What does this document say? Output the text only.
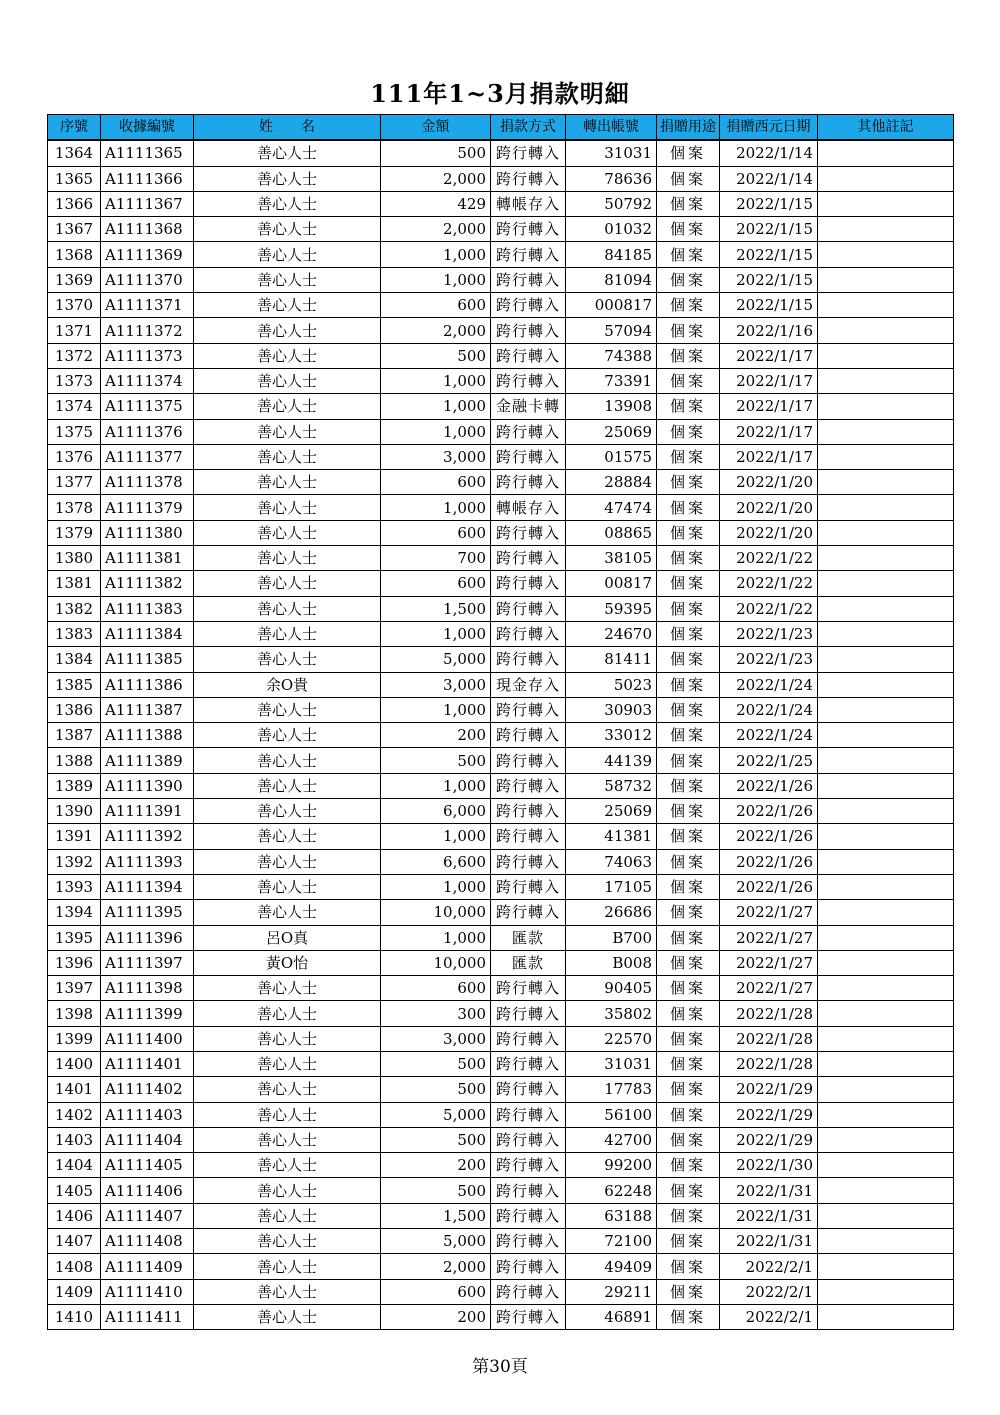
111年1~3月捐款明細
序號	收據編號	姓　　名	金額	捐款方式	轉出帳號	捐贈用途	捐贈西元日期	其他註記
1364	A1111365	善心人士	500	跨行轉入	31031	個案	2022/1/14	
1365	A1111366	善心人士	2,000	跨行轉入	78636	個案	2022/1/14	
1366	A1111367	善心人士	429	轉帳存入	50792	個案	2022/1/15	
1367	A1111368	善心人士	2,000	跨行轉入	01032	個案	2022/1/15	
1368	A1111369	善心人士	1,000	跨行轉入	84185	個案	2022/1/15	
1369	A1111370	善心人士	1,000	跨行轉入	81094	個案	2022/1/15	
1370	A1111371	善心人士	600	跨行轉入	000817	個案	2022/1/15	
1371	A1111372	善心人士	2,000	跨行轉入	57094	個案	2022/1/16	
1372	A1111373	善心人士	500	跨行轉入	74388	個案	2022/1/17	
1373	A1111374	善心人士	1,000	跨行轉入	73391	個案	2022/1/17	
1374	A1111375	善心人士	1,000	金融卡轉	13908	個案	2022/1/17	
1375	A1111376	善心人士	1,000	跨行轉入	25069	個案	2022/1/17	
1376	A1111377	善心人士	3,000	跨行轉入	01575	個案	2022/1/17	
1377	A1111378	善心人士	600	跨行轉入	28884	個案	2022/1/20	
1378	A1111379	善心人士	1,000	轉帳存入	47474	個案	2022/1/20	
1379	A1111380	善心人士	600	跨行轉入	08865	個案	2022/1/20	
1380	A1111381	善心人士	700	跨行轉入	38105	個案	2022/1/22	
1381	A1111382	善心人士	600	跨行轉入	00817	個案	2022/1/22	
1382	A1111383	善心人士	1,500	跨行轉入	59395	個案	2022/1/22	
1383	A1111384	善心人士	1,000	跨行轉入	24670	個案	2022/1/23	
1384	A1111385	善心人士	5,000	跨行轉入	81411	個案	2022/1/23	
1385	A1111386	余O貴	3,000	現金存入	5023	個案	2022/1/24	
1386	A1111387	善心人士	1,000	跨行轉入	30903	個案	2022/1/24	
1387	A1111388	善心人士	200	跨行轉入	33012	個案	2022/1/24	
1388	A1111389	善心人士	500	跨行轉入	44139	個案	2022/1/25	
1389	A1111390	善心人士	1,000	跨行轉入	58732	個案	2022/1/26	
1390	A1111391	善心人士	6,000	跨行轉入	25069	個案	2022/1/26	
1391	A1111392	善心人士	1,000	跨行轉入	41381	個案	2022/1/26	
1392	A1111393	善心人士	6,600	跨行轉入	74063	個案	2022/1/26	
1393	A1111394	善心人士	1,000	跨行轉入	17105	個案	2022/1/26	
1394	A1111395	善心人士	10,000	跨行轉入	26686	個案	2022/1/27	
1395	A1111396	呂O真	1,000	匯款	B700	個案	2022/1/27	
1396	A1111397	黃O怡	10,000	匯款	B008	個案	2022/1/27	
1397	A1111398	善心人士	600	跨行轉入	90405	個案	2022/1/27	
1398	A1111399	善心人士	300	跨行轉入	35802	個案	2022/1/28	
1399	A1111400	善心人士	3,000	跨行轉入	22570	個案	2022/1/28	
1400	A1111401	善心人士	500	跨行轉入	31031	個案	2022/1/28	
1401	A1111402	善心人士	500	跨行轉入	17783	個案	2022/1/29	
1402	A1111403	善心人士	5,000	跨行轉入	56100	個案	2022/1/29	
1403	A1111404	善心人士	500	跨行轉入	42700	個案	2022/1/29	
1404	A1111405	善心人士	200	跨行轉入	99200	個案	2022/1/30	
1405	A1111406	善心人士	500	跨行轉入	62248	個案	2022/1/31	
1406	A1111407	善心人士	1,500	跨行轉入	63188	個案	2022/1/31	
1407	A1111408	善心人士	5,000	跨行轉入	72100	個案	2022/1/31	
1408	A1111409	善心人士	2,000	跨行轉入	49409	個案	2022/2/1	
1409	A1111410	善心人士	600	跨行轉入	29211	個案	2022/2/1	
1410	A1111411	善心人士	200	跨行轉入	46891	個案	2022/2/1	
第30頁
